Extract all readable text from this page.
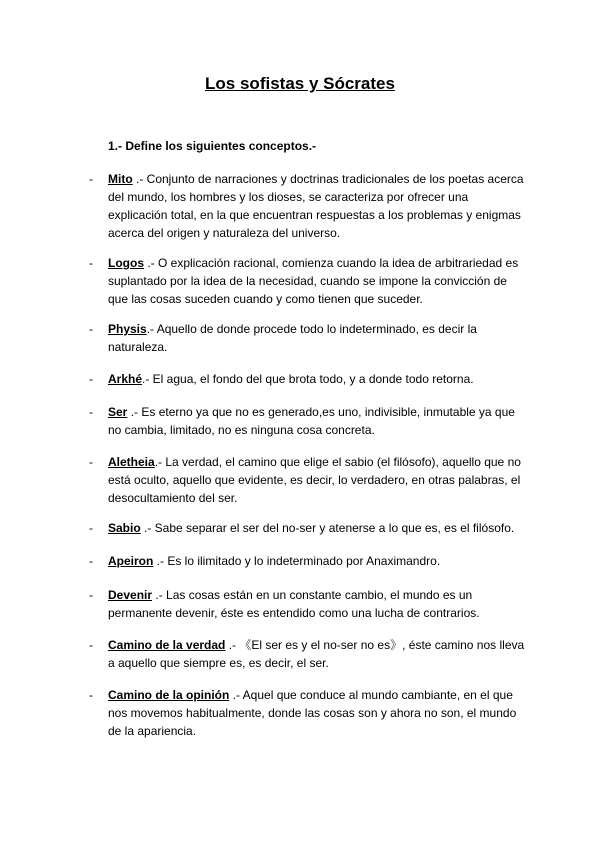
Los sofistas y Sócrates
1.- Define los siguientes conceptos.-
- Mito .- Conjunto de narraciones y doctrinas tradicionales de los poetas acerca del mundo, los hombres y los dioses, se caracteriza por ofrecer una explicación total, en la que encuentran respuestas a los problemas y enigmas acerca del origen y naturaleza del universo.
- Logos .- O explicación racional, comienza cuando la idea de arbitrariedad es suplantado por la idea de la necesidad, cuando se impone la convicción de que las cosas suceden cuando y como tienen que suceder.
- Physis.- Aquello de donde procede todo lo indeterminado, es decir la naturaleza.
- Arkhé.- El agua, el fondo del que brota todo, y a donde todo retorna.
- Ser .- Es eterno ya que no es generado,es uno, indivisible, inmutable ya que no cambia, limitado, no es ninguna cosa concreta.
- Aletheia.- La verdad, el camino que elige el sabio (el filósofo), aquello que no está oculto, aquello que evidente, es decir, lo verdadero, en otras palabras, el desocultamiento del ser.
- Sabio .- Sabe separar el ser del no-ser y atenerse a lo que es, es el filósofo.
- Apeiron .- Es lo ilimitado y lo indeterminado por Anaximandro.
- Devenir .- Las cosas están en un constante cambio, el mundo es un permanente devenir, éste es entendido como una lucha de contrarios.
- Camino de la verdad .- 《El ser es y el no-ser no es》, éste camino nos lleva a aquello que siempre es, es decir, el ser.
- Camino de la opinión .- Aquel que conduce al mundo cambiante, en el que nos movemos habitualmente, donde las cosas son y ahora no son, el mundo de la apariencia.
